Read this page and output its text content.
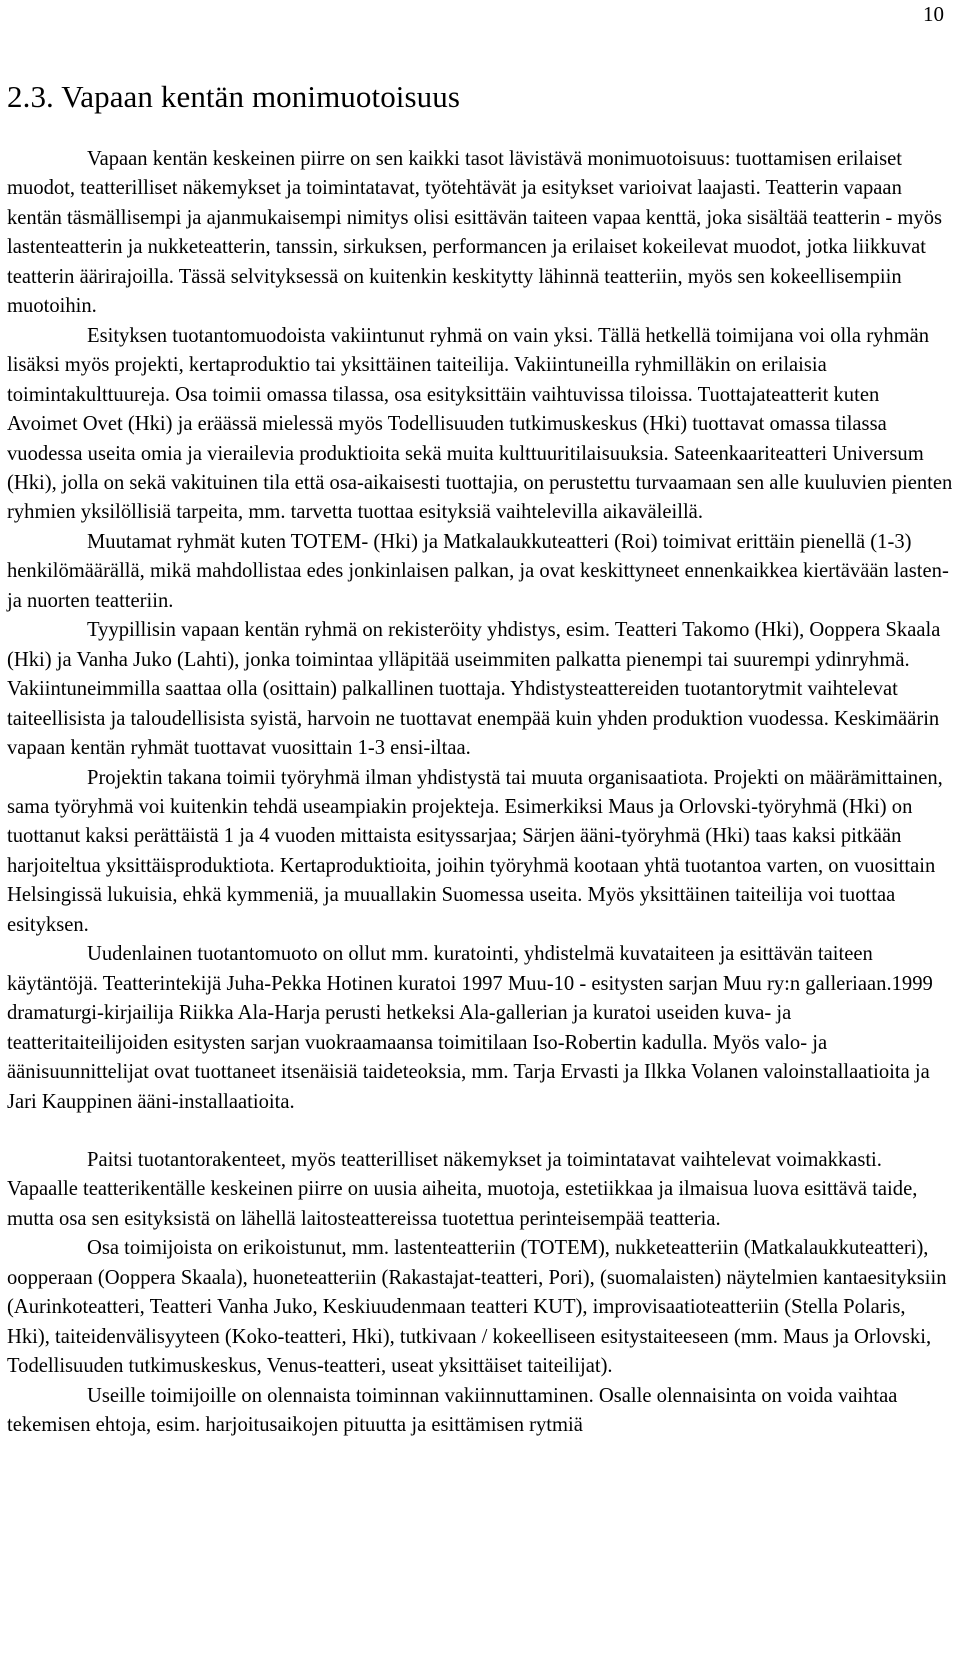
10
2.3. Vapaan kentän monimuotoisuus

Vapaan kentän keskeinen piirre on sen kaikki tasot lävistävä monimuotoisuus: tuottamisen erilaiset muodot, teatterilliset näkemykset ja toimintatavat, työtehtävät ja esitykset varioivat laajasti. Teatterin vapaan kentän täsmällisempi ja ajanmukaisempi nimitys olisi esittävän taiteen vapaa kenttä, joka sisältää teatterin - myös lastenteatterin ja nukketeatterin, tanssin, sirkuksen, performancen ja erilaiset kokeilevat muodot, jotka liikkuvat teatterin äärirajoilla. Tässä selvityksessä on kuitenkin keskitytty lähinnä teatteriin, myös sen kokeellisempiin muotoihin.

Esityksen tuotantomuodoista vakiintunut ryhmä on vain yksi. Tällä hetkellä toimijana voi olla ryhmän lisäksi myös projekti, kertaproduktio tai yksittäinen taiteilija. Vakiintuneilla ryhmilläkin on erilaisia toimintakulttuureja. Osa toimii omassa tilassa, osa esityksittäin vaihtuvissa tiloissa. Tuottajateatterit kuten Avoimet Ovet (Hki) ja eräässä mielessä myös Todellisuuden tutkimuskeskus (Hki) tuottavat omassa tilassa vuodessa useita omia ja vierailevia produktioita sekä muita kulttuuritilaisuuksia. Sateenkaariteatteri Universum (Hki), jolla on sekä vakituinen tila että osa-aikaisesti tuottajia, on perustettu turvaamaan sen alle kuuluvien pienten ryhmien yksilöllisiä tarpeita, mm. tarvetta tuottaa esityksiä vaihtelevilla aikaväleillä.

Muutamat ryhmät kuten TOTEM- (Hki) ja Matkalaukkuteatteri (Roi) toimivat erittäin pienellä (1-3) henkilömäärällä, mikä mahdollistaa edes jonkinlaisen palkan, ja ovat keskittyneet ennenkaikkea kiertävään lasten- ja nuorten teatteriin.

Tyypillisin vapaan kentän ryhmä on rekisteröity yhdistys, esim. Teatteri Takomo (Hki), Ooppera Skaala (Hki) ja Vanha Juko (Lahti), jonka toimintaa ylläpitää useimmiten palkatta pienempi tai suurempi ydinryhmä. Vakiintuneimmilla saattaa olla (osittain) palkallinen tuottaja. Yhdistysteattereiden tuotantorytmit vaihtelevat taiteellisista ja taloudellisista syistä, harvoin ne tuottavat enempää kuin yhden produktion vuodessa. Keskimäärin vapaan kentän ryhmät tuottavat vuosittain 1-3 ensi-iltaa.

Projektin takana toimii työryhmä ilman yhdistystä tai muuta organisaatiota. Projekti on määrämittainen, sama työryhmä voi kuitenkin tehdä useampiakin projekteja. Esimerkiksi Maus ja Orlovski-työryhmä (Hki) on tuottanut kaksi perättäistä 1 ja 4 vuoden mittaista esityssarjaa; Särjen ääni-työryhmä (Hki) taas kaksi pitkään harjoiteltua yksittäisproduktiota. Kertaproduktioita, joihin työryhmä kootaan yhtä tuotantoa varten, on vuosittain Helsingissä lukuisia, ehkä kymmeniä, ja muuallakin Suomessa useita. Myös yksittäinen taiteilija voi tuottaa esityksen.

Uudenlainen tuotantomuoto on ollut mm. kuratointi, yhdistelmä kuvataiteen ja esittävän taiteen käytäntöjä. Teatterintekijä Juha-Pekka Hotinen kuratoi 1997 Muu-10 - esitysten sarjan Muu ry:n galleriaan.1999 dramaturgi-kirjailija Riikka Ala-Harja perusti hetkeksi Ala-gallerian ja kuratoi useiden kuva- ja teatteritaiteilijoiden esitysten sarjan vuokraamaansa toimitilaan Iso-Robertin kadulla. Myös valo- ja äänisuunnittelijat ovat tuottaneet itsenäisiä taideteoksia, mm. Tarja Ervasti ja Ilkka Volanen valoinstallaatioita ja Jari Kauppinen ääni-installaatioita.

Paitsi tuotantorakenteet, myös teatterilliset näkemykset ja toimintatavat vaihtelevat voimakkasti. Vapaalle teatterikentälle keskeinen piirre on uusia aiheita, muotoja, estetiikkaa ja ilmaisua luova esittävä taide, mutta osa sen esityksistä on lähellä laitosteattereissa tuotettua perinteisempää teatteria.

Osa toimijoista on erikoistunut, mm. lastenteatteriin (TOTEM), nukketeatteriin (Matkalaukkuteatteri), oopperaan (Ooppera Skaala), huoneteatteriin (Rakastajat-teatteri, Pori), (suomalaisten) näytelmien kantaesityksiin (Aurinkoteatteri, Teatteri Vanha Juko, Keskiuudenmaan teatteri KUT), improvisaatioteatteriin (Stella Polaris, Hki), taiteidenvälisyyteen (Koko-teatteri, Hki), tutkivaan / kokeelliseen esitystaiteeseen (mm. Maus ja Orlovski, Todellisuuden tutkimuskeskus, Venus-teatteri, useat yksittäiset taiteilijat).

Useille toimijoille on olennaista toiminnan vakiinnuttaminen. Osalle olennaisinta on voida vaihtaa tekemisen ehtoja, esim. harjoitusaikojen pituutta ja esittämisen rytmiä
